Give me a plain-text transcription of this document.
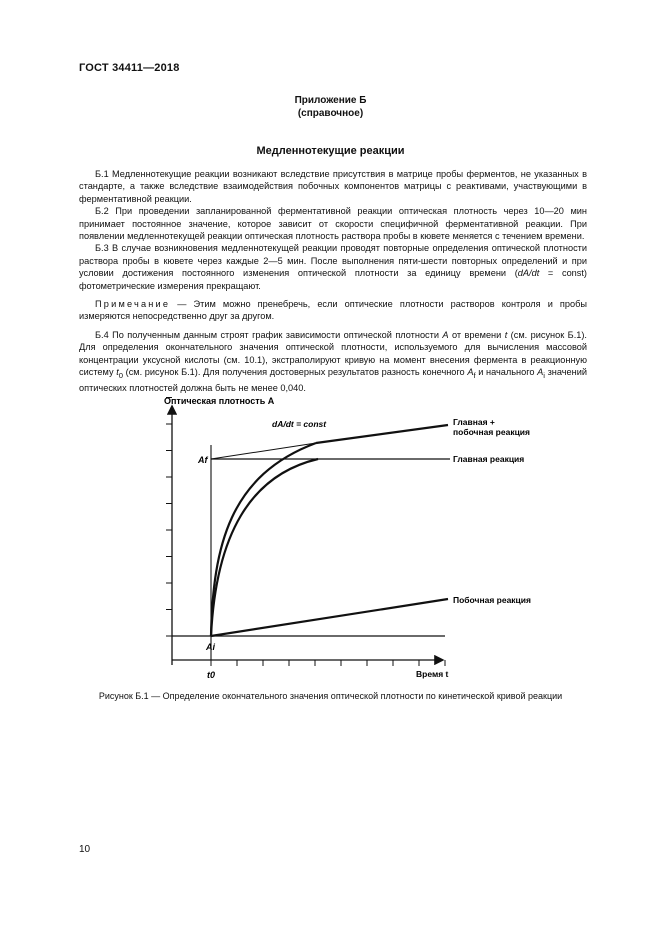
ГОСТ 34411—2018
Приложение Б
(справочное)
Медленнотекущие реакции

Б.1 Медленнотекущие реакции возникают вследствие присутствия в матрице пробы ферментов, не указанных в стандарте, а также вследствие взаимодействия побочных компонентов матрицы с реактивами, участвующими в ферментативной реакции.

Б.2 При проведении запланированной ферментативной реакции оптическая плотность через 10—20 мин принимает постоянное значение, которое зависит от скорости специфичной ферментативной реакции. При появлении медленнотекущей реакции оптическая плотность раствора пробы в кювете меняется с течением времени.

Б.3 В случае возникновения медленнотекущей реакции проводят повторные определения оптической плотности раствора пробы в кювете через каждые 2—5 мин. После выполнения пяти-шести повторных определений и при условии достижения постоянного изменения оптической плотности за единицу времени (dA/dt = const) фотометрические измерения прекращают.

Примечание — Этим можно пренебречь, если оптические плотности растворов контроля и пробы измеряются непосредственно друг за другом.

Б.4 По полученным данным строят график зависимости оптической плотности A от времени t (см. рисунок Б.1). Для определения окончательного значения оптической плотности, используемого для вычисления массовой концентрации уксусной кислоты (см. 10.1), экстраполируют кривую на момент внесения фермента в реакционную систему $t_0$ (см. рисунок Б.1). Для получения достоверных результатов разность конечного $A_f$ и начального $A_i$ значений оптических плотностей должна быть не менее 0,040.

Оптическая плотность A
dA/dt = const
Af
Ai
t0	Время t
Главная +
побочная реакция
Главная реакция
Побочная реакция
Рисунок Б.1 — Определение окончательного значения оптической плотности по кинетической кривой реакции
10
